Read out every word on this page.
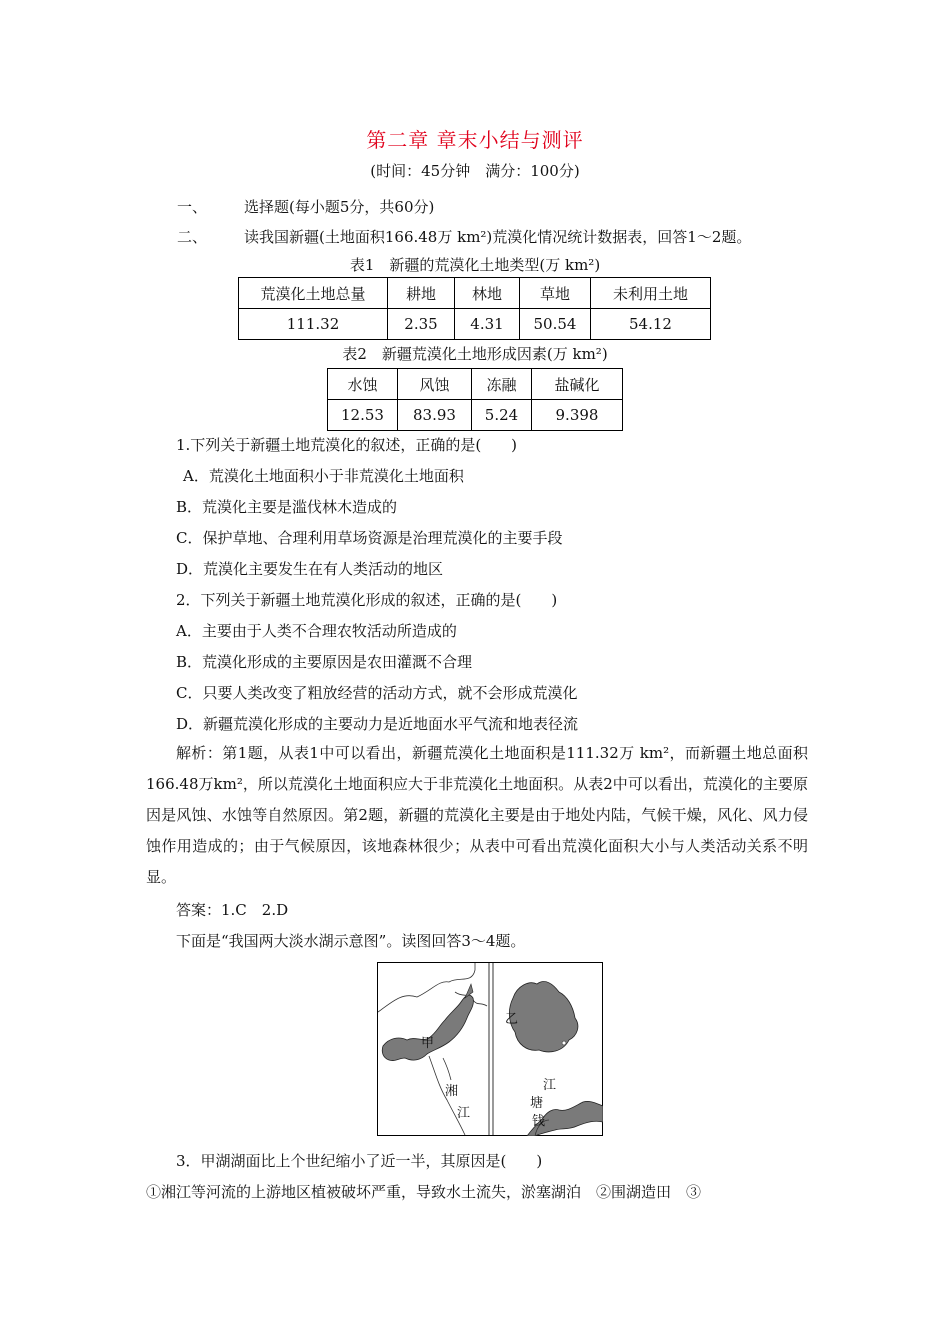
第二章 章末小结与测评
(时间：45分钟　满分：100分)
一、 选择题(每小题5分，共60分)
二、 读我国新疆(土地面积166.48万 km²)荒漠化情况统计数据表，回答1～2题。
表1　新疆的荒漠化土地类型(万 km²)
荒漠化土地总量	耕地	林地	草地	未利用土地
111.32	2.35	4.31	50.54	54.12
表2　新疆荒漠化土地形成因素(万 km²)
水蚀	风蚀	冻融	盐碱化
12.53	83.93	5.24	9.398
1.下列关于新疆土地荒漠化的叙述，正确的是(　　)
A．荒漠化土地面积小于非荒漠化土地面积
B．荒漠化主要是滥伐林木造成的
C．保护草地、合理利用草场资源是治理荒漠化的主要手段
D．荒漠化主要发生在有人类活动的地区
2．下列关于新疆土地荒漠化形成的叙述，正确的是(　　)
A．主要由于人类不合理农牧活动所造成的
B．荒漠化形成的主要原因是农田灌溉不合理
C．只要人类改变了粗放经营的活动方式，就不会形成荒漠化
D．新疆荒漠化形成的主要动力是近地面水平气流和地表径流
解析：第1题，从表1中可以看出，新疆荒漠化土地面积是111.32万 km²，而新疆土地总面积166.48万km²，所以荒漠化土地面积应大于非荒漠化土地面积。从表2中可以看出，荒漠化的主要原因是风蚀、水蚀等自然原因。第2题，新疆的荒漠化主要是由于地处内陆，气候干燥，风化、风力侵蚀作用造成的；由于气候原因，该地森林很少；从表中可看出荒漠化面积大小与人类活动关系不明显。
答案：1.C　2.D
下面是“我国两大淡水湖示意图”。读图回答3～4题。
甲
乙
湘
江
塘
江
钱
3．甲湖湖面比上个世纪缩小了近一半，其原因是(　　)
①湘江等河流的上游地区植被破坏严重，导致水土流失，淤塞湖泊　②围湖造田　③
